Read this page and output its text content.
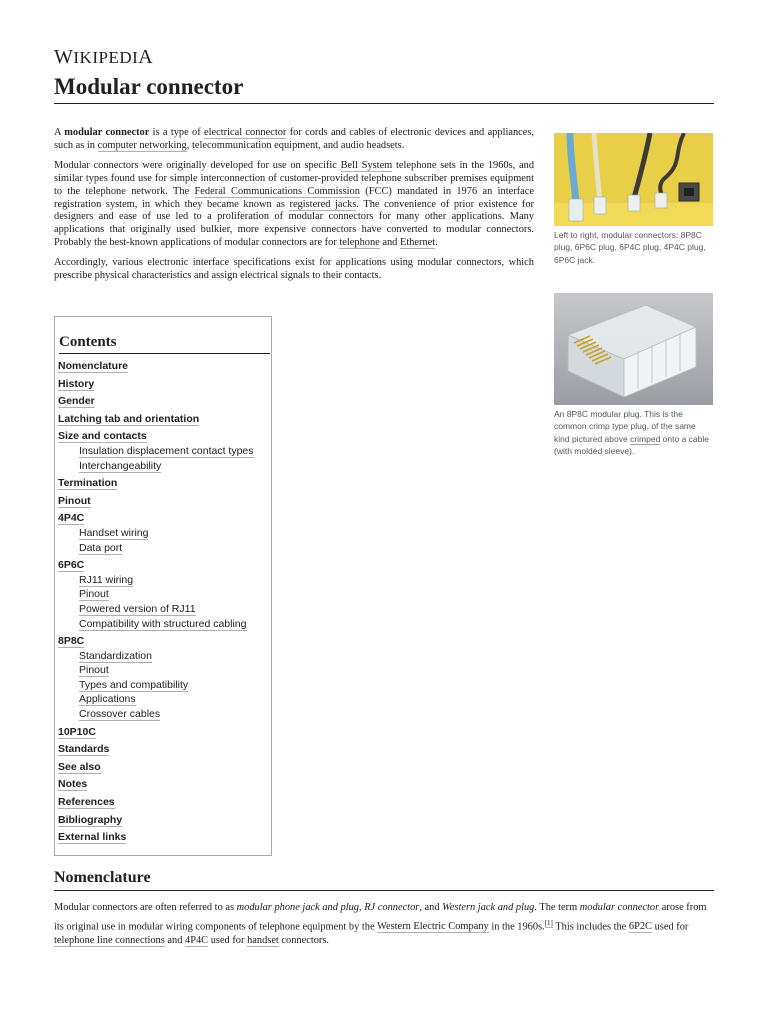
WIKIPEDIA
Modular connector

A modular connector is a type of electrical connector for cords and cables of electronic devices and appliances, such as in computer networking, telecommunication equipment, and audio headsets.

Modular connectors were originally developed for use on specific Bell System telephone sets in the 1960s, and similar types found use for simple interconnection of customer-provided telephone subscriber premises equipment to the telephone network. The Federal Communications Commission (FCC) mandated in 1976 an interface registration system, in which they became known as registered jacks. The convenience of prior existence for designers and ease of use led to a proliferation of modular connectors for many other applications. Many applications that originally used bulkier, more expensive connectors have converted to modular connectors. Probably the best-known applications of modular connectors are for telephone and Ethernet.

Accordingly, various electronic interface specifications exist for applications using modular connectors, which prescribe physical characteristics and assign electrical signals to their contacts.

Left to right, modular connectors: 8P8C plug, 6P6C plug, 6P4C plug, 4P4C plug, 6P6C jack.
An 8P8C modular plug. This is the common crimp type plug, of the same kind pictured above crimped onto a cable (with molded sleeve).
Contents
Nomenclature
History
Gender
Latching tab and orientation
Size and contacts
Insulation displacement contact types
Interchangeability
Termination
Pinout
4P4C
Handset wiring
Data port
6P6C
RJ11 wiring
Pinout
Powered version of RJ11
Compatibility with structured cabling
8P8C
Standardization
Pinout
Types and compatibility
Applications
Crossover cables
10P10C
Standards
See also
Notes
References
Bibliography
External links
Nomenclature

Modular connectors are often referred to as modular phone jack and plug, RJ connector, and Western jack and plug. The term modular connector arose from its original use in modular wiring components of telephone equipment by the Western Electric Company in the 1960s.[1] This includes the 6P2C used for telephone line connections and 4P4C used for handset connectors.
